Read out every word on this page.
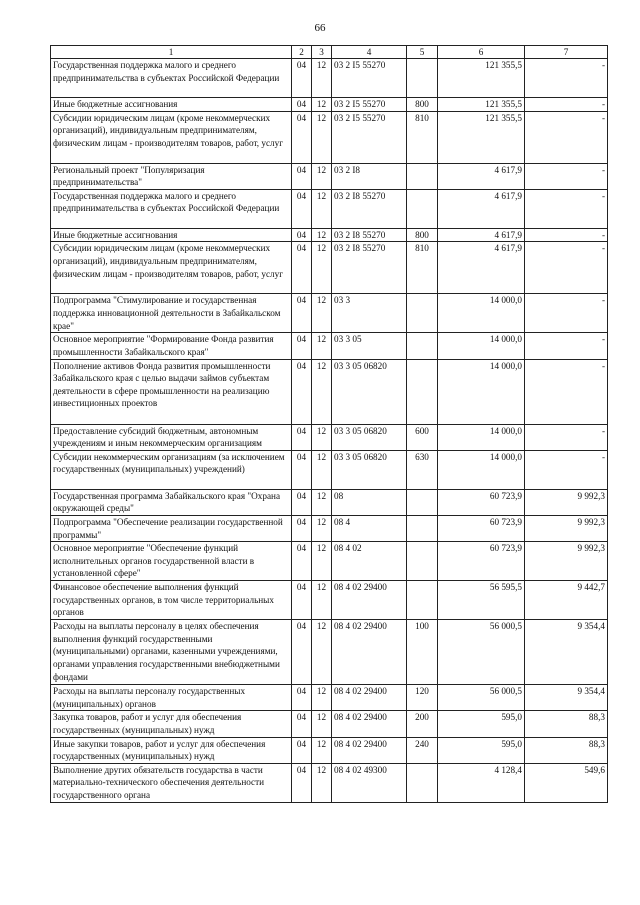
66
1	2	3	4	5	6	7
Государственная поддержка малого и среднего предпринимательства в субъектах Российской Федерации	04	12	03 2 I5 55270		121 355,5	-
Иные бюджетные ассигнования	04	12	03 2 I5 55270	800	121 355,5	-
Субсидии юридическим лицам (кроме некоммерческих организаций), индивидуальным предпринимателям, физическим лицам - производителям товаров, работ, услуг	04	12	03 2 I5 55270	810	121 355,5	-
Региональный проект "Популяризация предпринимательства"	04	12	03 2 I8		4 617,9	-
Государственная поддержка малого и среднего предпринимательства в субъектах Российской Федерации	04	12	03 2 I8 55270		4 617,9	-
Иные бюджетные ассигнования	04	12	03 2 I8 55270	800	4 617,9	-
Субсидии юридическим лицам (кроме некоммерческих организаций), индивидуальным предпринимателям, физическим лицам - производителям товаров, работ, услуг	04	12	03 2 I8 55270	810	4 617,9	-
Подпрограмма "Стимулирование и государственная поддержка инновационной деятельности в Забайкальском крае"	04	12	03 3		14 000,0	-
Основное мероприятие "Формирование Фонда развития промышленности Забайкальского края"	04	12	03 3 05		14 000,0	-
Пополнение активов Фонда развития промышленности Забайкальского края с целью выдачи займов субъектам деятельности в сфере промышленности на реализацию инвестиционных проектов	04	12	03 3 05 06820		14 000,0	-
Предоставление субсидий бюджетным, автономным учреждениям и иным некоммерческим организациям	04	12	03 3 05 06820	600	14 000,0	-
Субсидии некоммерческим организациям (за исключением государственных (муниципальных) учреждений)	04	12	03 3 05 06820	630	14 000,0	-
Государственная программа Забайкальского края "Охрана окружающей среды"	04	12	08		60 723,9	9 992,3
Подпрограмма "Обеспечение реализации государственной программы"	04	12	08 4		60 723,9	9 992,3
Основное мероприятие "Обеспечение функций исполнительных органов государственной власти в установленной сфере"	04	12	08 4 02		60 723,9	9 992,3
Финансовое обеспечение выполнения функций государственных органов, в том числе территориальных органов	04	12	08 4 02 29400		56 595,5	9 442,7
Расходы на выплаты персоналу в целях обеспечения выполнения функций государственными (муниципальными) органами, казенными учреждениями, органами управления государственными внебюджетными фондами	04	12	08 4 02 29400	100	56 000,5	9 354,4
Расходы на выплаты персоналу государственных (муниципальных) органов	04	12	08 4 02 29400	120	56 000,5	9 354,4
Закупка товаров, работ и услуг для обеспечения государственных (муниципальных) нужд	04	12	08 4 02 29400	200	595,0	88,3
Иные закупки товаров, работ и услуг для обеспечения государственных (муниципальных) нужд	04	12	08 4 02 29400	240	595,0	88,3
Выполнение других обязательств государства в части материально-технического обеспечения деятельности государственного органа	04	12	08 4 02 49300		4 128,4	549,6
